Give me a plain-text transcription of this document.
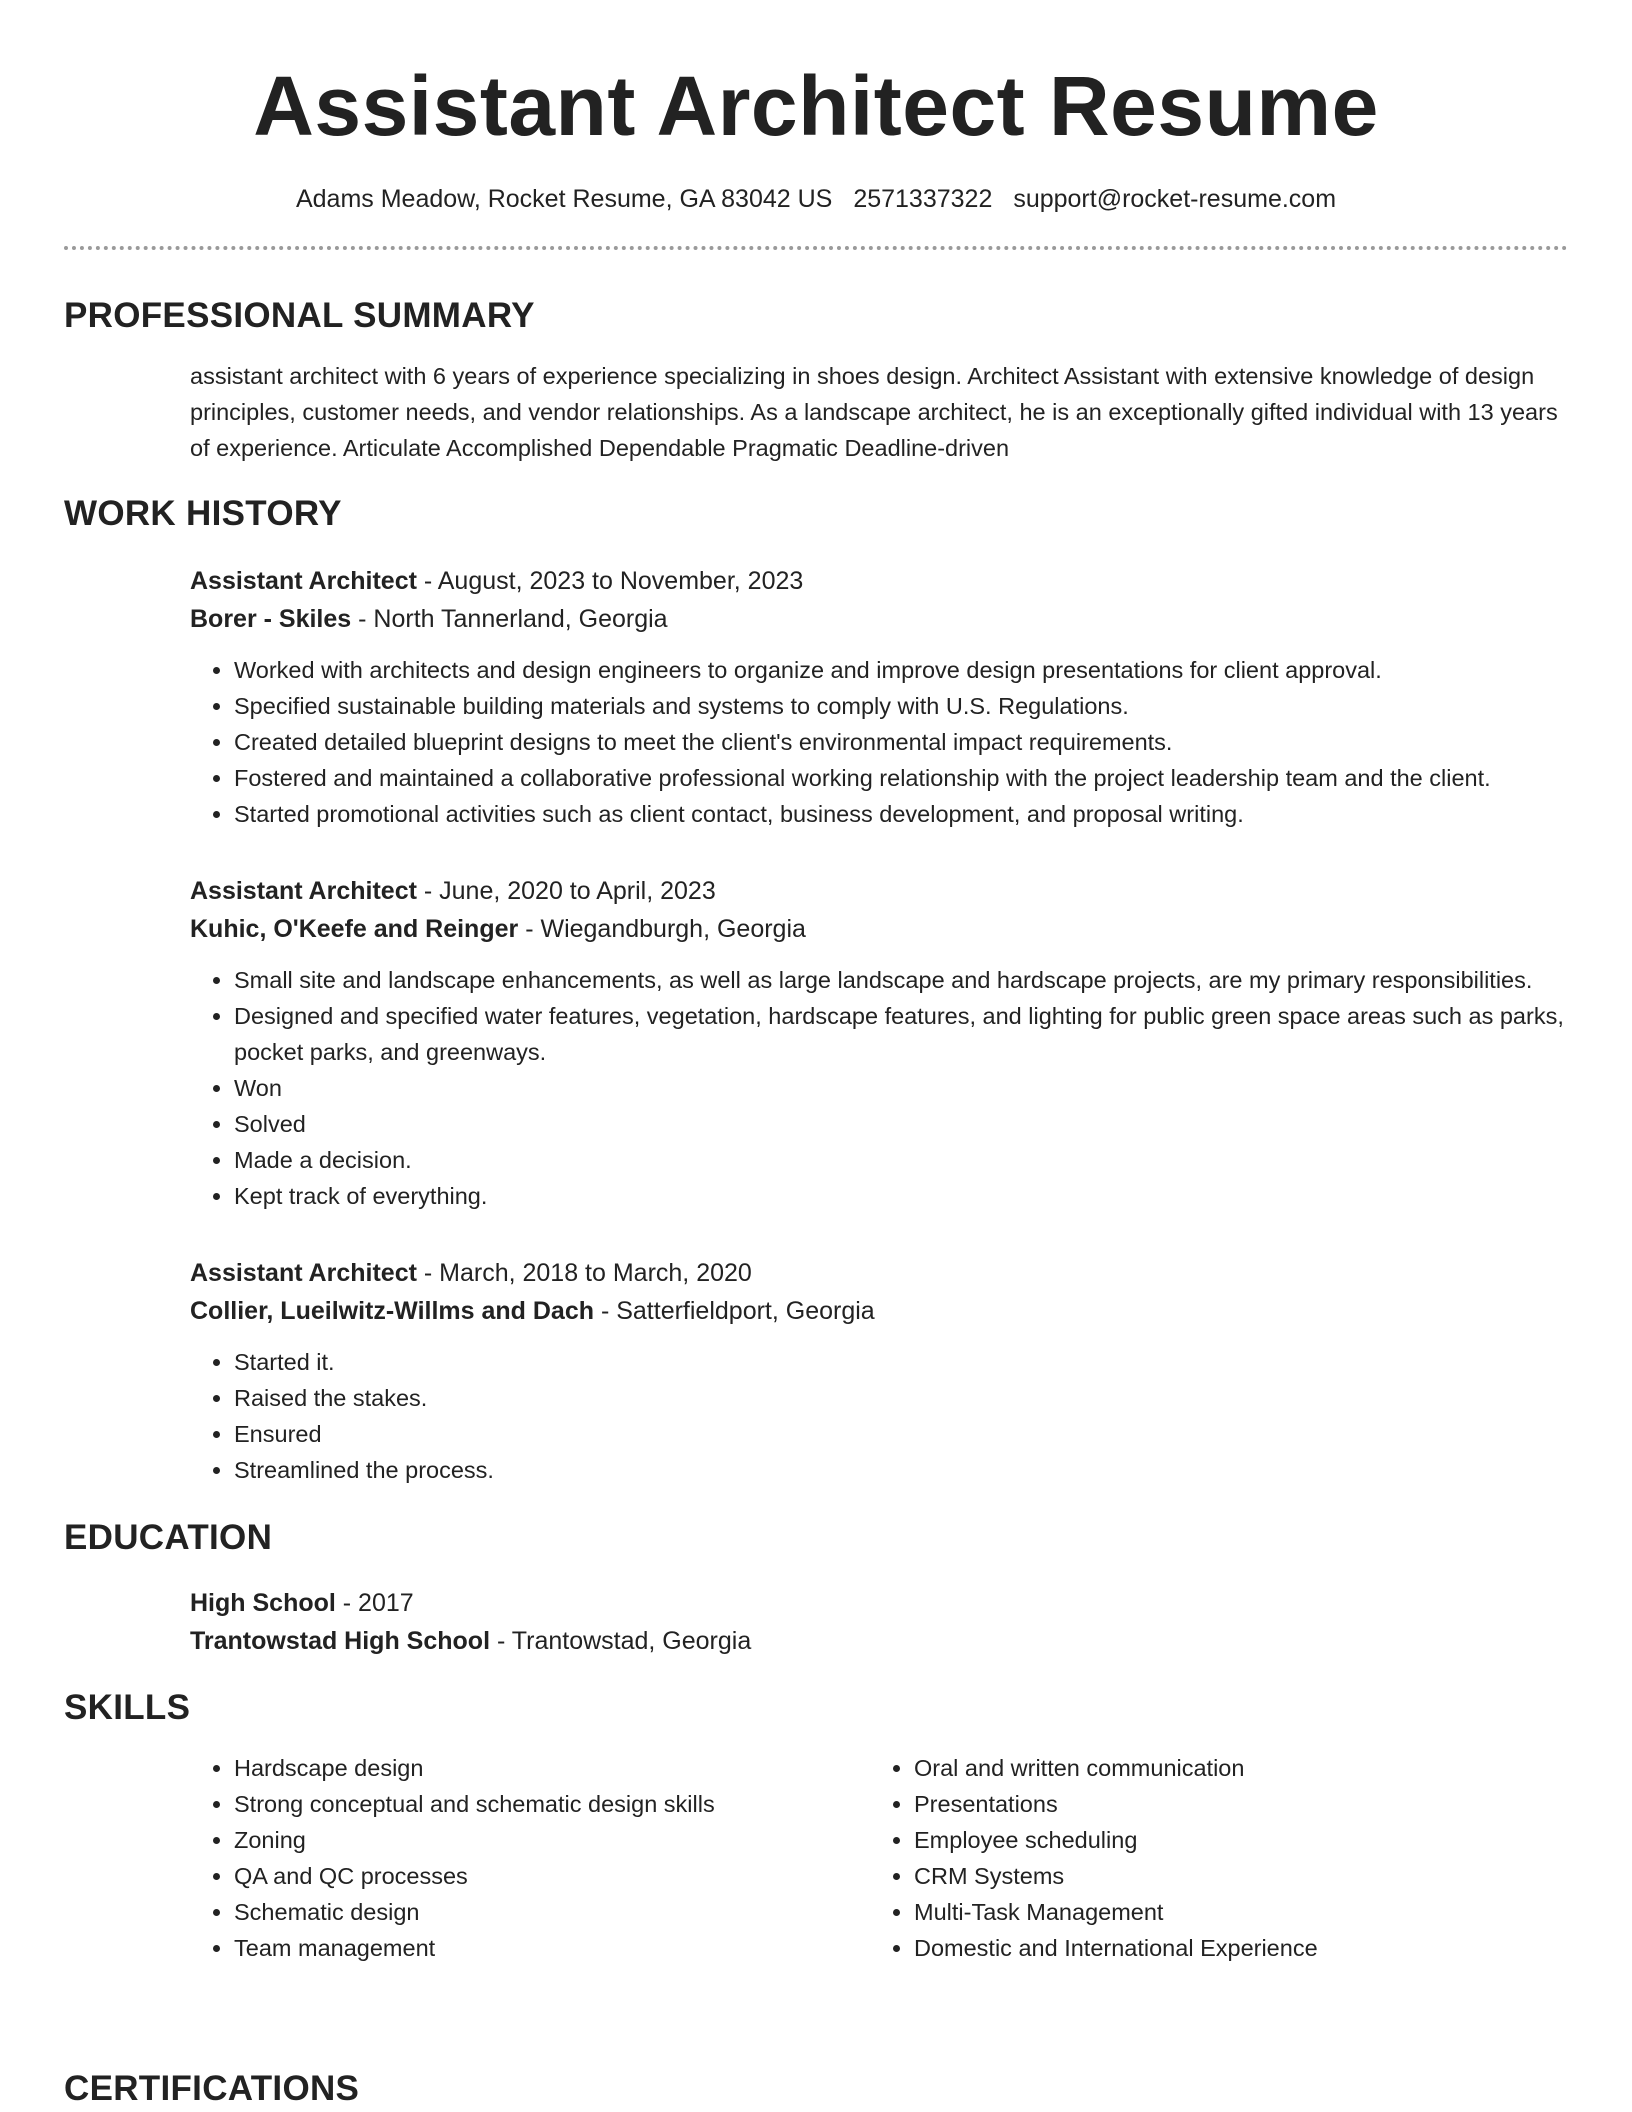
Assistant Architect Resume
Adams Meadow, Rocket Resume, GA 83042 US 2571337322 support@rocket-resume.com
PROFESSIONAL SUMMARY

assistant architect with 6 years of experience specializing in shoes design. Architect Assistant with extensive knowledge of design principles, customer needs, and vendor relationships. As a landscape architect, he is an exceptionally gifted individual with 13 years of experience. Articulate Accomplished Dependable Pragmatic Deadline-driven

WORK HISTORY
Assistant Architect - August, 2023 to November, 2023
Borer - Skiles - North Tannerland, Georgia
• Worked with architects and design engineers to organize and improve design presentations for client approval.
• Specified sustainable building materials and systems to comply with U.S. Regulations.
• Created detailed blueprint designs to meet the client's environmental impact requirements.
• Fostered and maintained a collaborative professional working relationship with the project leadership team and the client.
• Started promotional activities such as client contact, business development, and proposal writing.
Assistant Architect - June, 2020 to April, 2023
Kuhic, O'Keefe and Reinger - Wiegandburgh, Georgia
• Small site and landscape enhancements, as well as large landscape and hardscape projects, are my primary responsibilities.
• Designed and specified water features, vegetation, hardscape features, and lighting for public green space areas such as parks, pocket parks, and greenways.
• Won
• Solved
• Made a decision.
• Kept track of everything.
Assistant Architect - March, 2018 to March, 2020
Collier, Lueilwitz-Willms and Dach - Satterfieldport, Georgia
• Started it.
• Raised the stakes.
• Ensured
• Streamlined the process.
EDUCATION
High School - 2017
Trantowstad High School - Trantowstad, Georgia
SKILLS
• Hardscape design
• Strong conceptual and schematic design skills
• Zoning
• QA and QC processes
• Schematic design
• Team management
• Oral and written communication
• Presentations
• Employee scheduling
• CRM Systems
• Multi-Task Management
• Domestic and International Experience
CERTIFICATIONS
